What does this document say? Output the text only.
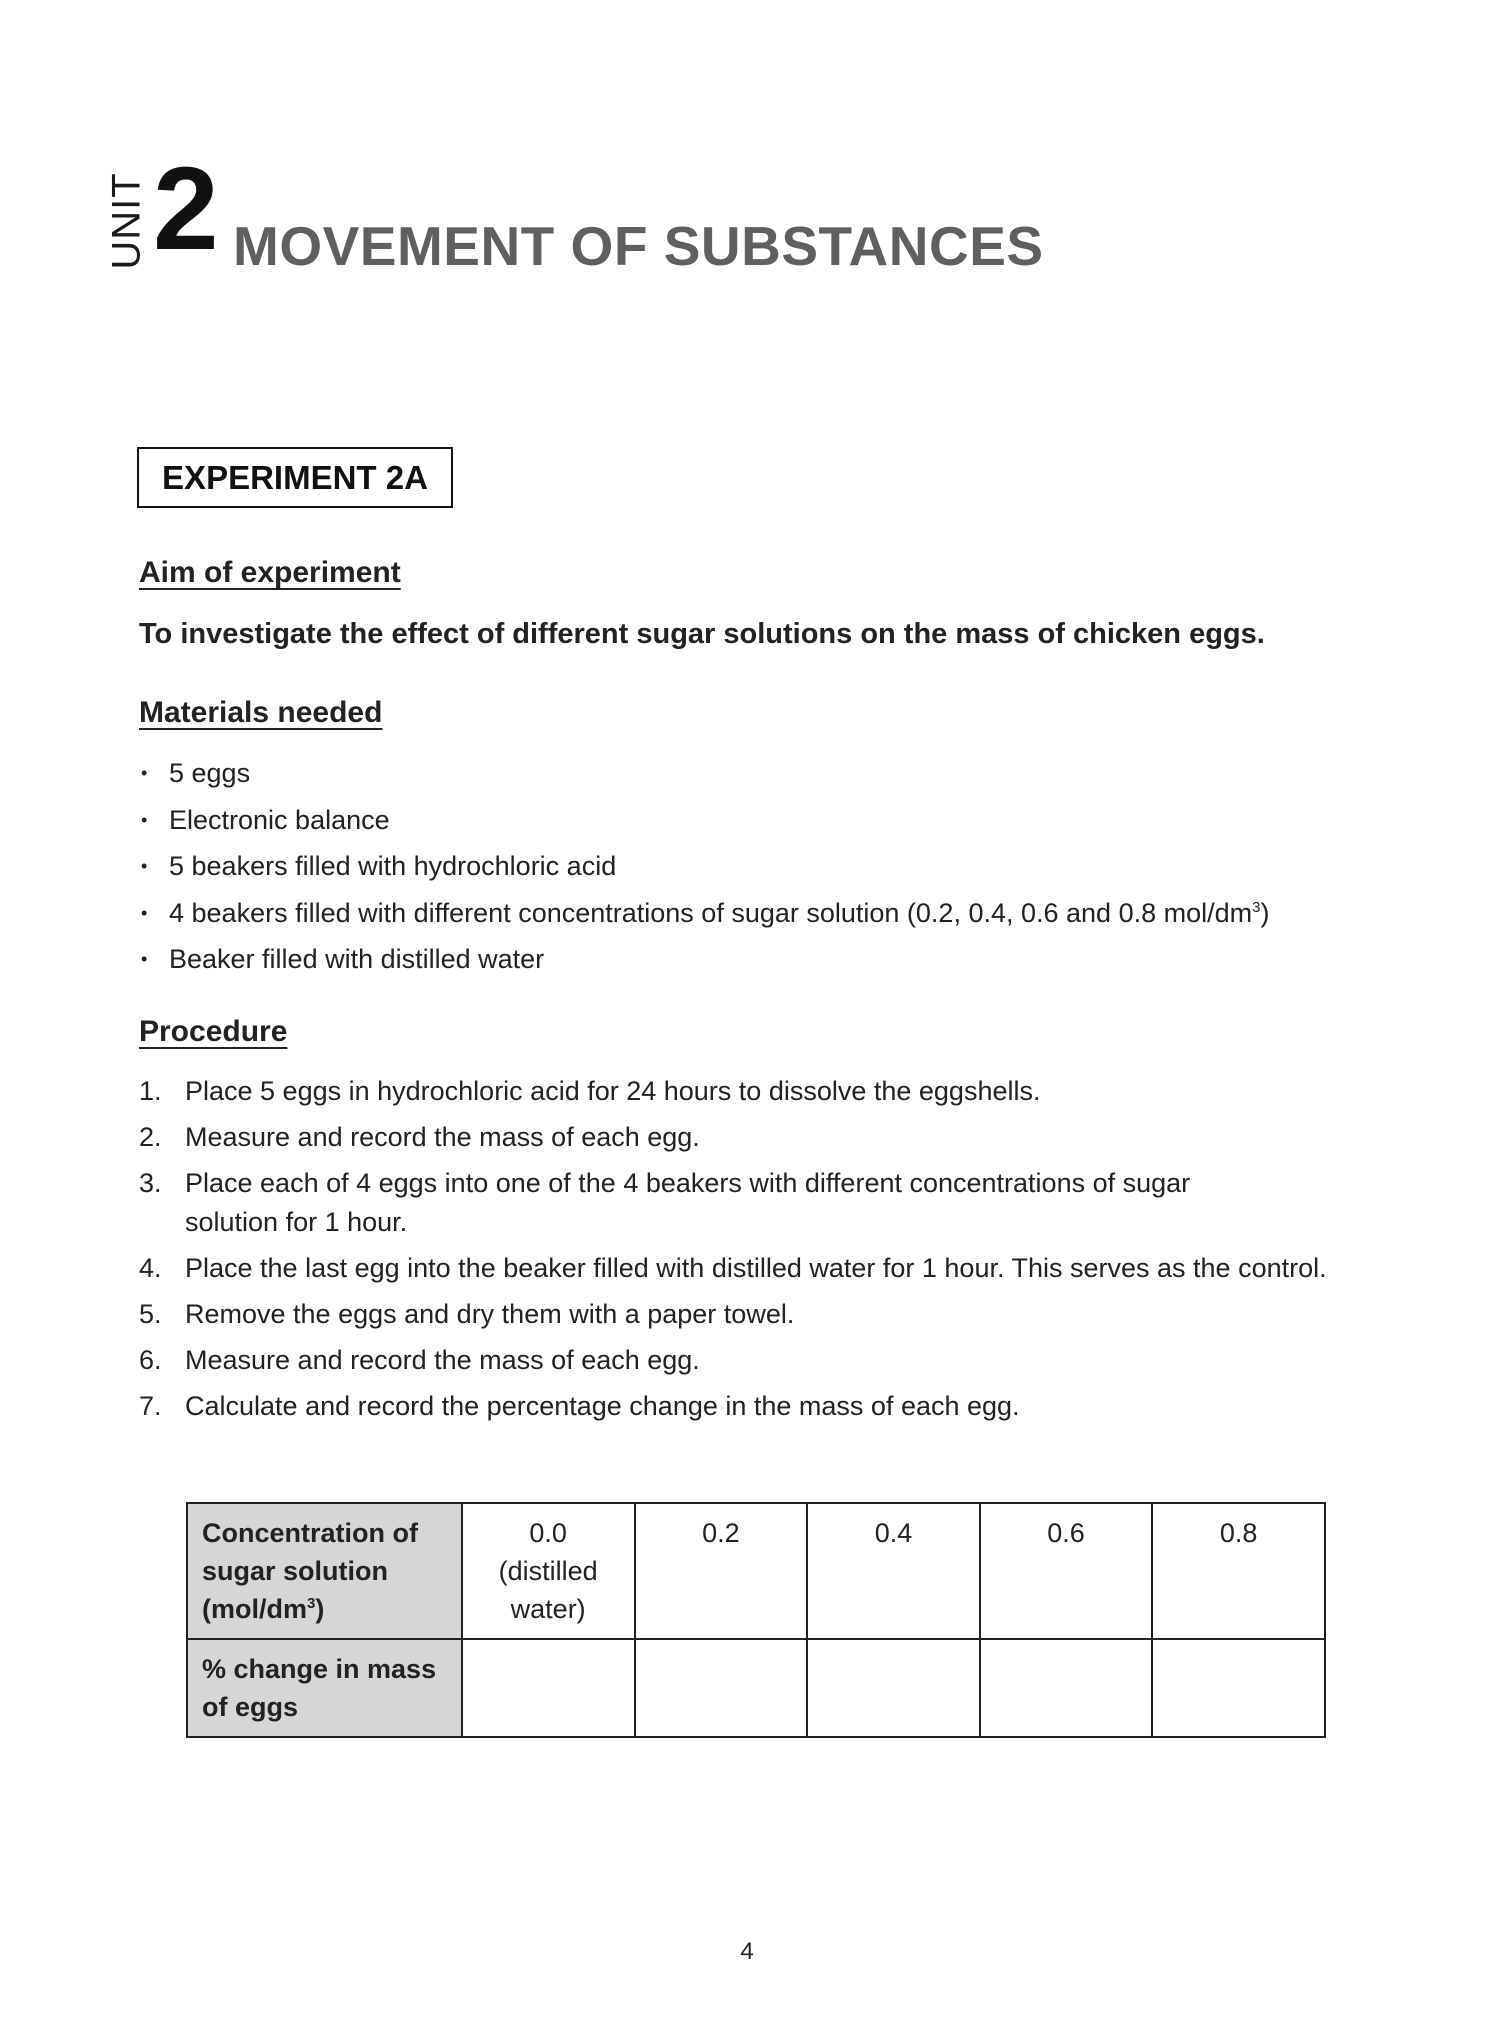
UNIT 2 MOVEMENT OF SUBSTANCES
EXPERIMENT 2A
Aim of experiment
To investigate the effect of different sugar solutions on the mass of chicken eggs.
Materials needed
• 5 eggs
• Electronic balance
• 5 beakers filled with hydrochloric acid
• 4 beakers filled with different concentrations of sugar solution (0.2, 0.4, 0.6 and 0.8 mol/$dm^3$)
• Beaker filled with distilled water
Procedure
1. Place 5 eggs in hydrochloric acid for 24 hours to dissolve the eggshells.
2. Measure and record the mass of each egg.
3. Place each of 4 eggs into one of the 4 beakers with different concentrations of sugar solution for 1 hour.
4. Place the last egg into the beaker filled with distilled water for 1 hour. This serves as the control.
5. Remove the eggs and dry them with a paper towel.
6. Measure and record the mass of each egg.
7. Calculate and record the percentage change in the mass of each egg.
Concentration of
sugar solution
$(mol/dm^3)$	0.0
(distilled
water)	0.2	0.4	0.6	0.8
% change in mass
of eggs					
4
